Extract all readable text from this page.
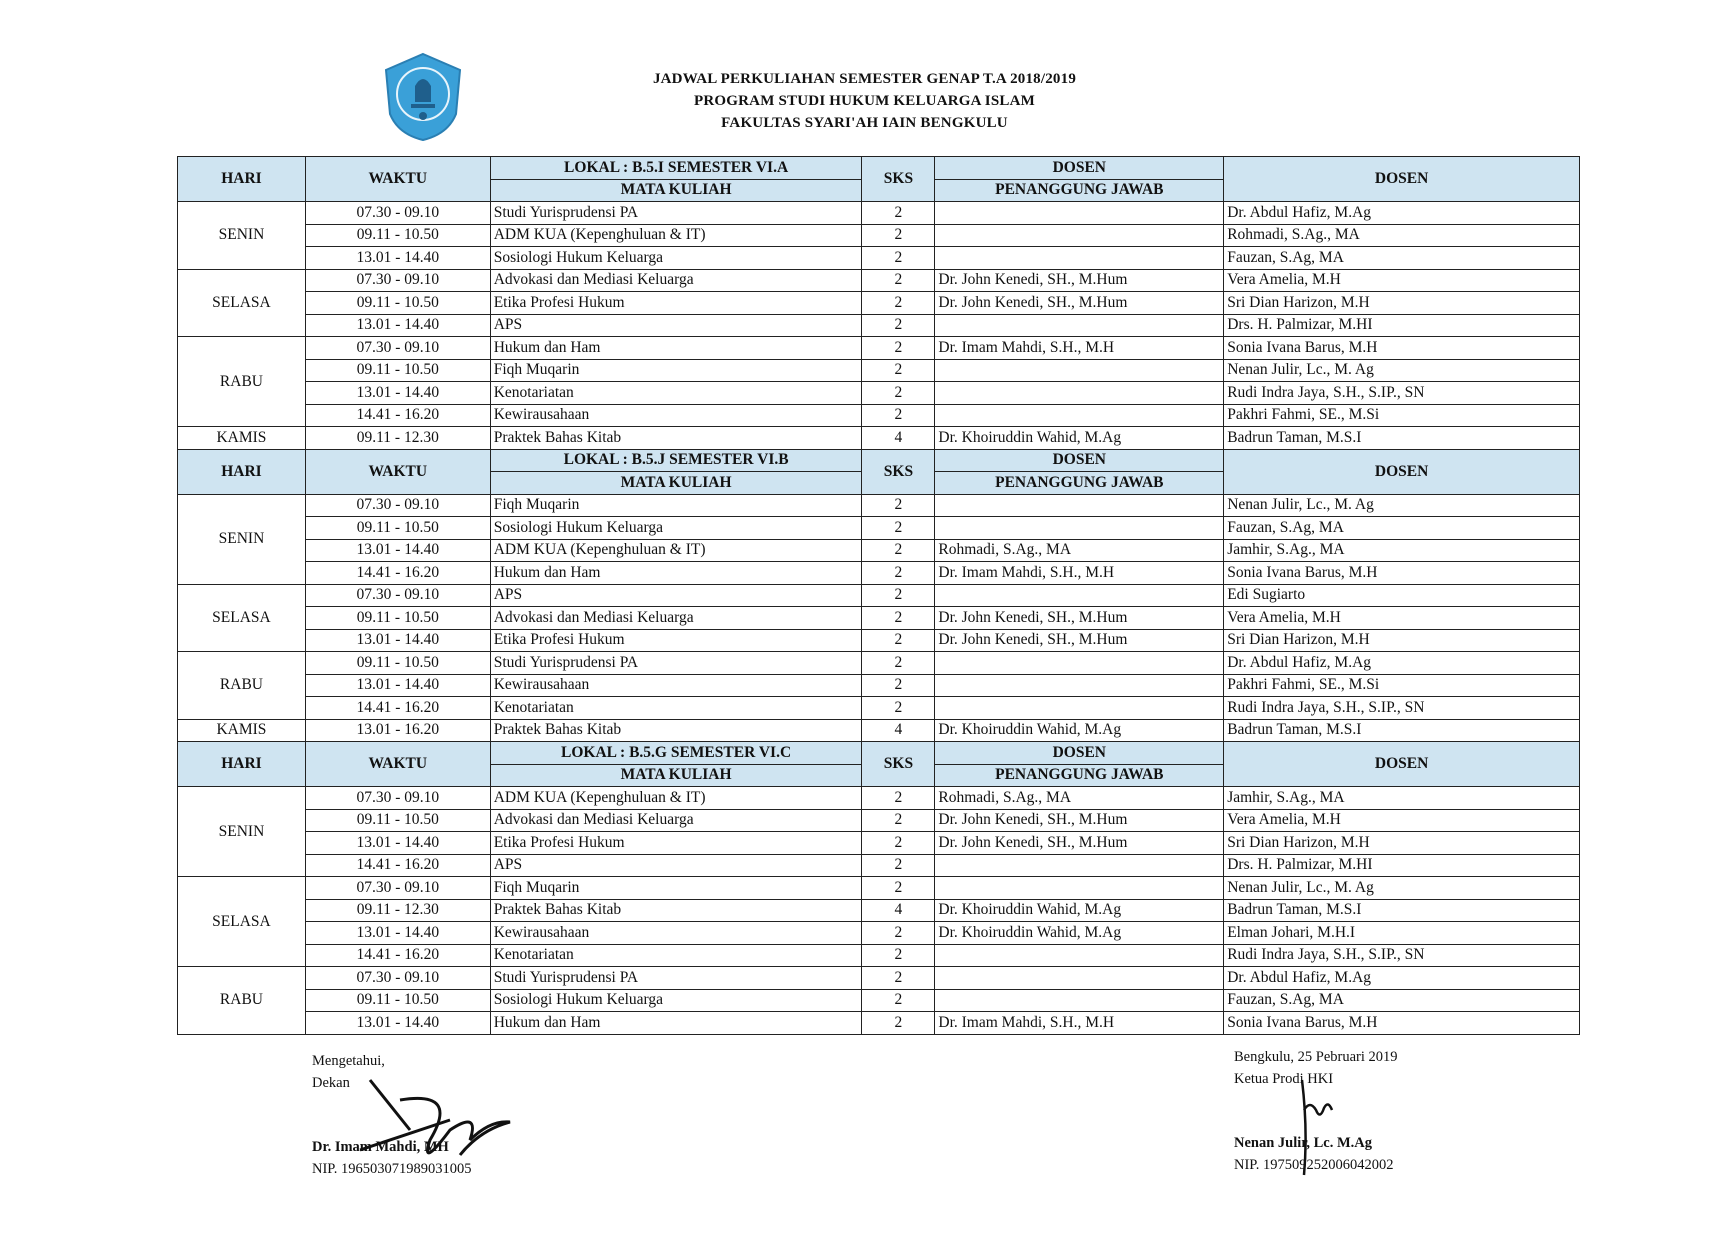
JADWAL PERKULIAHAN SEMESTER GENAP T.A 2018/2019
PROGRAM STUDI HUKUM KELUARGA ISLAM
FAKULTAS SYARI'AH IAIN BENGKULU
HARI	WAKTU	LOKAL : B.5.I SEMESTER VI.A	SKS	DOSEN	DOSEN
		MATA KULIAH		PENANGGUNG JAWAB	
SENIN	07.30 - 09.10	Studi Yurisprudensi PA	2		Dr. Abdul Hafiz, M.Ag
	09.11 - 10.50	ADM KUA (Kepenghuluan & IT)	2		Rohmadi, S.Ag., MA
	13.01 - 14.40	Sosiologi Hukum Keluarga	2		Fauzan, S.Ag, MA
SELASA	07.30 - 09.10	Advokasi dan Mediasi Keluarga	2	Dr. John Kenedi, SH., M.Hum	Vera Amelia, M.H
	09.11 - 10.50	Etika Profesi Hukum	2	Dr. John Kenedi, SH., M.Hum	Sri Dian Harizon, M.H
	13.01 - 14.40	APS	2		Drs. H. Palmizar, M.HI
RABU	07.30 - 09.10	Hukum dan Ham	2	Dr. Imam Mahdi, S.H., M.H	Sonia Ivana Barus, M.H
	09.11 - 10.50	Fiqh Muqarin	2		Nenan Julir, Lc., M. Ag
	13.01 - 14.40	Kenotariatan	2		Rudi Indra Jaya, S.H., S.IP., SN
	14.41 - 16.20	Kewirausahaan	2		Pakhri Fahmi, SE., M.Si
KAMIS	09.11 - 12.30	Praktek Bahas Kitab	4	Dr. Khoiruddin Wahid, M.Ag	Badrun Taman, M.S.I
HARI	WAKTU	LOKAL : B.5.J SEMESTER VI.B	SKS	DOSEN	DOSEN
		MATA KULIAH		PENANGGUNG JAWAB	
SENIN	07.30 - 09.10	Fiqh Muqarin	2		Nenan Julir, Lc., M. Ag
	09.11 - 10.50	Sosiologi Hukum Keluarga	2		Fauzan, S.Ag, MA
	13.01 - 14.40	ADM KUA (Kepenghuluan & IT)	2	Rohmadi, S.Ag., MA	Jamhir, S.Ag., MA
	14.41 - 16.20	Hukum dan Ham	2	Dr. Imam Mahdi, S.H., M.H	Sonia Ivana Barus, M.H
SELASA	07.30 - 09.10	APS	2		Edi Sugiarto
	09.11 - 10.50	Advokasi dan Mediasi Keluarga	2	Dr. John Kenedi, SH., M.Hum	Vera Amelia, M.H
	13.01 - 14.40	Etika Profesi Hukum	2	Dr. John Kenedi, SH., M.Hum	Sri Dian Harizon, M.H
RABU	09.11 - 10.50	Studi Yurisprudensi PA	2		Dr. Abdul Hafiz, M.Ag
	13.01 - 14.40	Kewirausahaan	2		Pakhri Fahmi, SE., M.Si
	14.41 - 16.20	Kenotariatan	2		Rudi Indra Jaya, S.H., S.IP., SN
KAMIS	13.01 - 16.20	Praktek Bahas Kitab	4	Dr. Khoiruddin Wahid, M.Ag	Badrun Taman, M.S.I
HARI	WAKTU	LOKAL : B.5.G SEMESTER VI.C	SKS	DOSEN	DOSEN
		MATA KULIAH		PENANGGUNG JAWAB	
SENIN	07.30 - 09.10	ADM KUA (Kepenghuluan & IT)	2	Rohmadi, S.Ag., MA	Jamhir, S.Ag., MA
	09.11 - 10.50	Advokasi dan Mediasi Keluarga	2	Dr. John Kenedi, SH., M.Hum	Vera Amelia, M.H
	13.01 - 14.40	Etika Profesi Hukum	2	Dr. John Kenedi, SH., M.Hum	Sri Dian Harizon, M.H
	14.41 - 16.20	APS	2		Drs. H. Palmizar, M.HI
SELASA	07.30 - 09.10	Fiqh Muqarin	2		Nenan Julir, Lc., M. Ag
	09.11 - 12.30	Praktek Bahas Kitab	4	Dr. Khoiruddin Wahid, M.Ag	Badrun Taman, M.S.I
	13.01 - 14.40	Kewirausahaan	2	Dr. Khoiruddin Wahid, M.Ag	Elman Johari, M.H.I
	14.41 - 16.20	Kenotariatan	2		Rudi Indra Jaya, S.H., S.IP., SN
RABU	07.30 - 09.10	Studi Yurisprudensi PA	2		Dr. Abdul Hafiz, M.Ag
	09.11 - 10.50	Sosiologi Hukum Keluarga	2		Fauzan, S.Ag, MA
	13.01 - 14.40	Hukum dan Ham	2	Dr. Imam Mahdi, S.H., M.H	Sonia Ivana Barus, M.H
Mengetahui,
Dekan
Dr. Imam Mahdi, MH
NIP. 196503071989031005
Bengkulu, 25 Pebruari 2019
Ketua Prodi HKI
Nenan Julir, Lc. M.Ag
NIP. 197509252006042002
